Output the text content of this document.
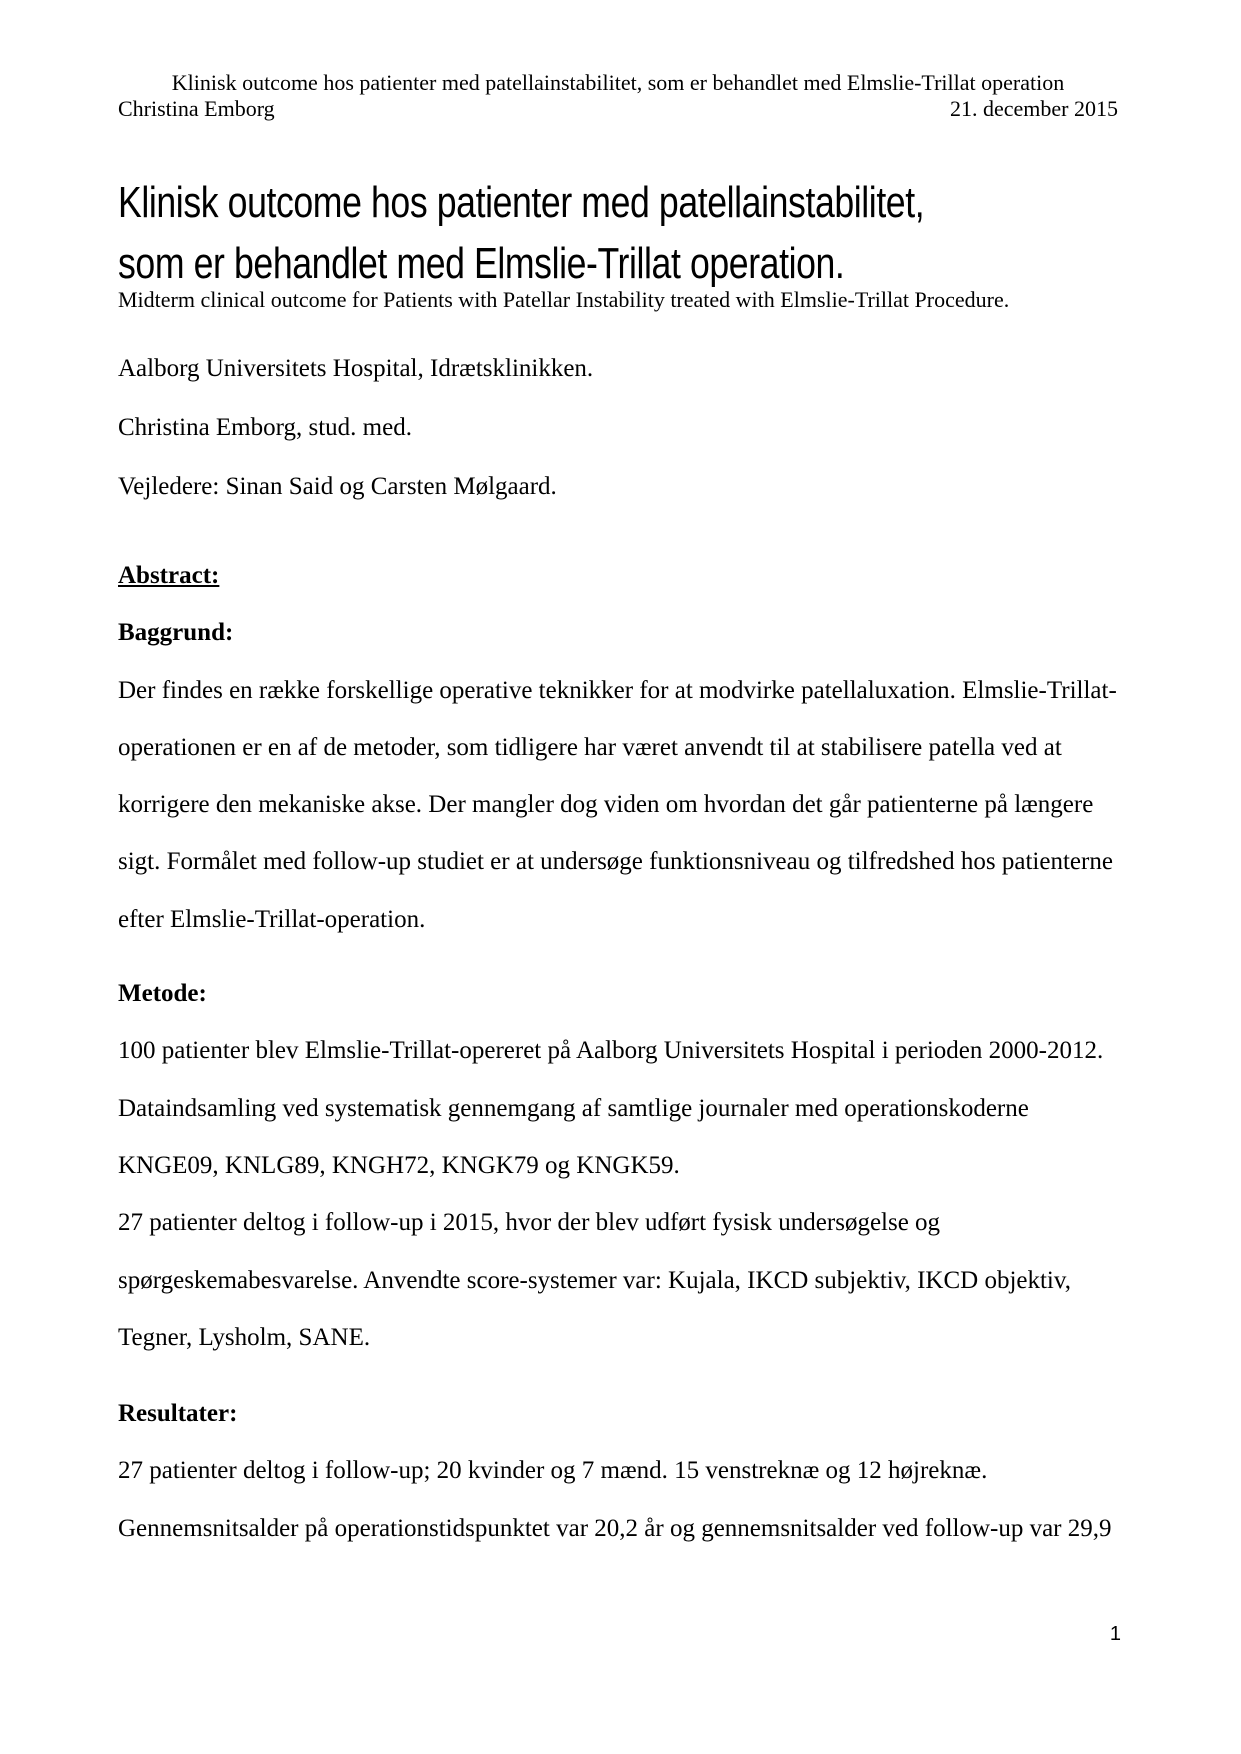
Klinisk outcome hos patienter med patellainstabilitet, som er behandlet med Elmslie-Trillat operation
Christina Emborg	21. december 2015
Klinisk outcome hos patienter med patellainstabilitet,
som er behandlet med Elmslie-Trillat operation.
Midterm clinical outcome for Patients with Patellar Instability treated with Elmslie-Trillat Procedure.
Aalborg Universitets Hospital, Idrætsklinikken.
Christina Emborg, stud. med.
Vejledere: Sinan Said og Carsten Mølgaard.
Abstract:
Baggrund:
Der findes en række forskellige operative teknikker for at modvirke patellaluxation. Elmslie-Trillat-
operationen er en af de metoder, som tidligere har været anvendt til at stabilisere patella ved at
korrigere den mekaniske akse. Der mangler dog viden om hvordan det går patienterne på længere
sigt. Formålet med follow-up studiet er at undersøge funktionsniveau og tilfredshed hos patienterne
efter Elmslie-Trillat-operation.
Metode:
100 patienter blev Elmslie-Trillat-opereret på Aalborg Universitets Hospital i perioden 2000-2012.
Dataindsamling ved systematisk gennemgang af samtlige journaler med operationskoderne
KNGE09, KNLG89, KNGH72, KNGK79 og KNGK59.
27 patienter deltog i follow-up i 2015, hvor der blev udført fysisk undersøgelse og
spørgeskemabesvarelse. Anvendte score-systemer var: Kujala, IKCD subjektiv, IKCD objektiv,
Tegner, Lysholm, SANE.
Resultater:
27 patienter deltog i follow-up; 20 kvinder og 7 mænd. 15 venstreknæ og 12 højreknæ.
Gennemsnitsalder på operationstidspunktet var 20,2 år og gennemsnitsalder ved follow-up var 29,9
1
